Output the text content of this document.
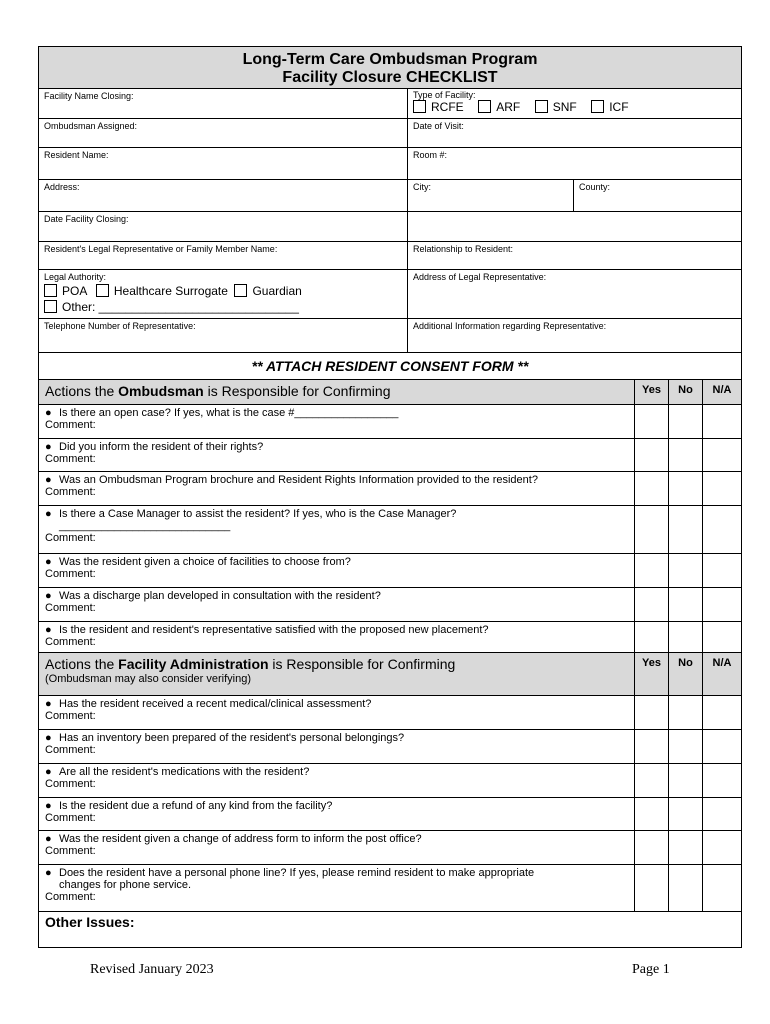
Long-Term Care Ombudsman Program
Facility Closure CHECKLIST
Facility Name Closing:	Type of Facility:
RCFE	ARF	SNF	ICF
Ombudsman Assigned:	Date of Visit:
Resident Name:	Room #:
Address:	City:	County:
Date Facility Closing:
Resident's Legal Representative or Family Member Name:	Relationship to Resident:
Legal Authority:
POA Healthcare Surrogate Guardian
Other: ______________________________
Address of Legal Representative:
Telephone Number of Representative:	Additional Information regarding Representative:
** ATTACH RESIDENT CONSENT FORM **
Actions the Ombudsman is Responsible for Confirming	Yes	No	N/A
● Is there an open case? If yes, what is the case #_________________
Comment:
● Did you inform the resident of their rights?
Comment:
● Was an Ombudsman Program brochure and Resident Rights Information provided to the resident?
Comment:
● Is there a Case Manager to assist the resident? If yes, who is the Case Manager?
____________________________
Comment:
● Was the resident given a choice of facilities to choose from?
Comment:
● Was a discharge plan developed in consultation with the resident?
Comment:
● Is the resident and resident's representative satisfied with the proposed new placement?
Comment:
Actions the Facility Administration is Responsible for Confirming
(Ombudsman may also consider verifying)
Yes	No	N/A
● Has the resident received a recent medical/clinical assessment?
Comment:
● Has an inventory been prepared of the resident's personal belongings?
Comment:
● Are all the resident's medications with the resident?
Comment:
● Is the resident due a refund of any kind from the facility?
Comment:
● Was the resident given a change of address form to inform the post office?
Comment:
● Does the resident have a personal phone line? If yes, please remind resident to make appropriate
changes for phone service.
Comment:
Other Issues:
Revised January 2023	Page 1
